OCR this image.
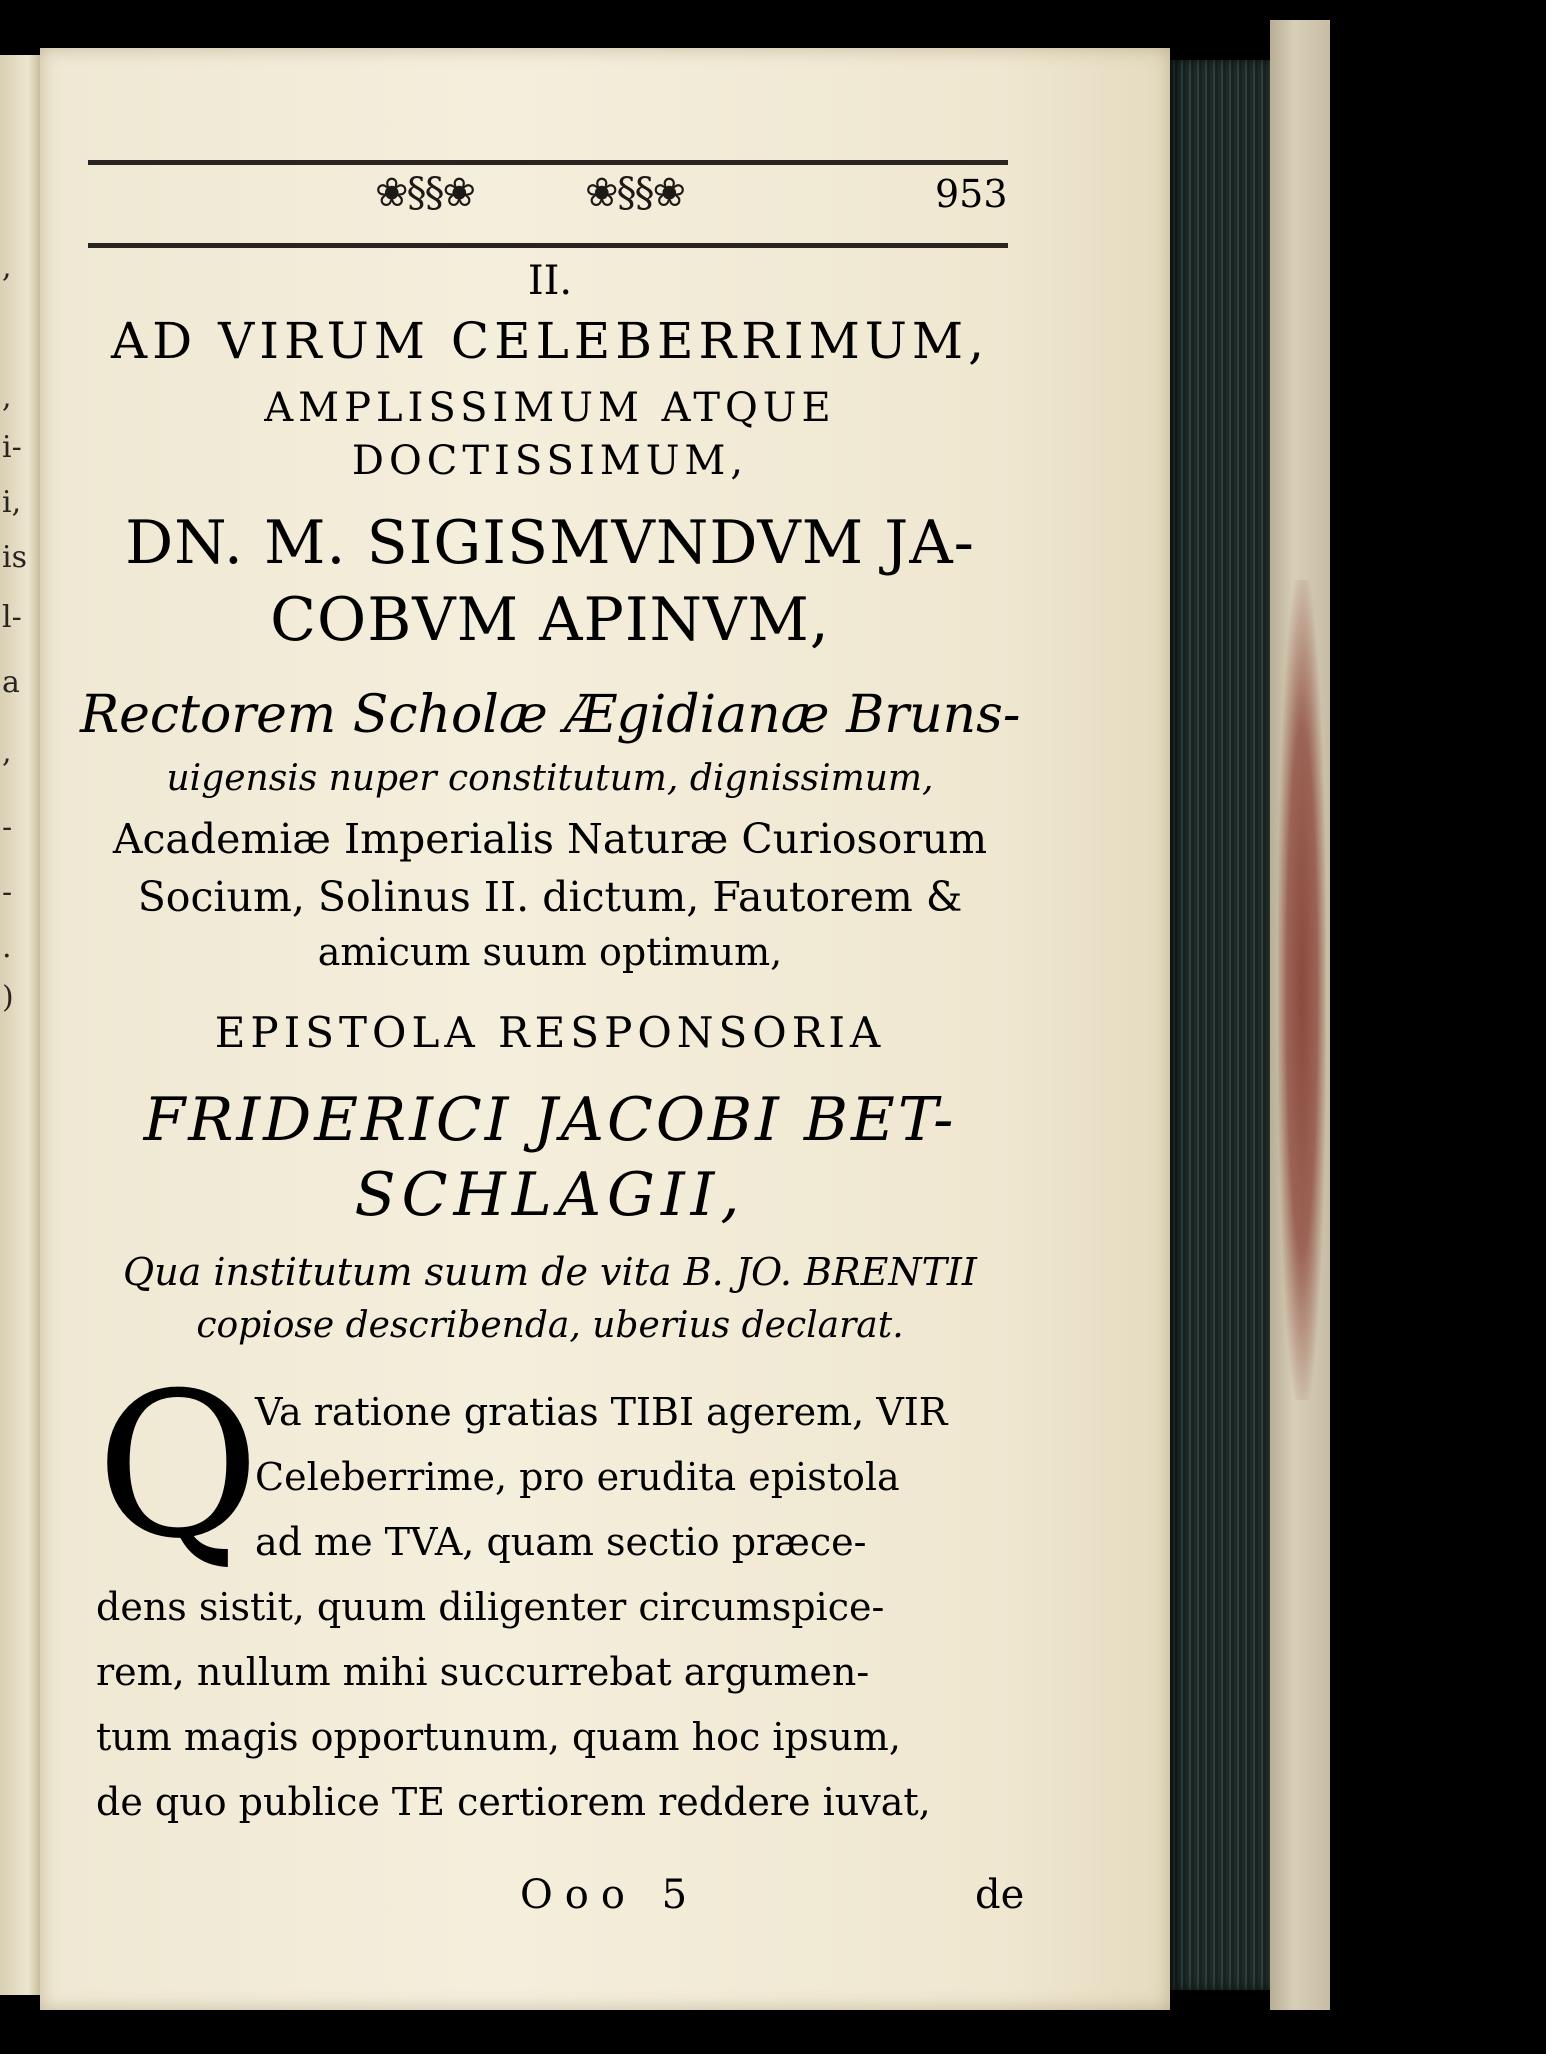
,
,
i-
i,
is
l-
a
,
-
-
.
)
❀§§❀	❀§§❀	953
II.
AD VIRUM CELEBERRIMUM,
AMPLISSIMUM ATQUE
DOCTISSIMUM,
DN. M. SIGISMVNDVM JA-
COBVM APINVM,
Rectorem Scholæ Ægidianæ Bruns-
uigensis nuper constitutum, dignissimum,
Academiæ Imperialis Naturæ Curiosorum
Socium, Solinus II. dictum, Fautorem &
amicum suum optimum,
EPISTOLA RESPONSORIA
FRIDERICI JACOBI BET-
SCHLAGII,
Qua institutum suum de vita B. JO. BRENTII
copiose describenda, uberius declarat.
Q
Va ratione gratias TIBI agerem, VIR
Celeberrime, pro erudita epistola
ad me TVA, quam sectio præce-
dens sistit, quum diligenter circumspice-
rem, nullum mihi succurrebat argumen-
tum magis opportunum, quam hoc ipsum,
de quo publice TE certiorem reddere iuvat,
Ooo 5	de
